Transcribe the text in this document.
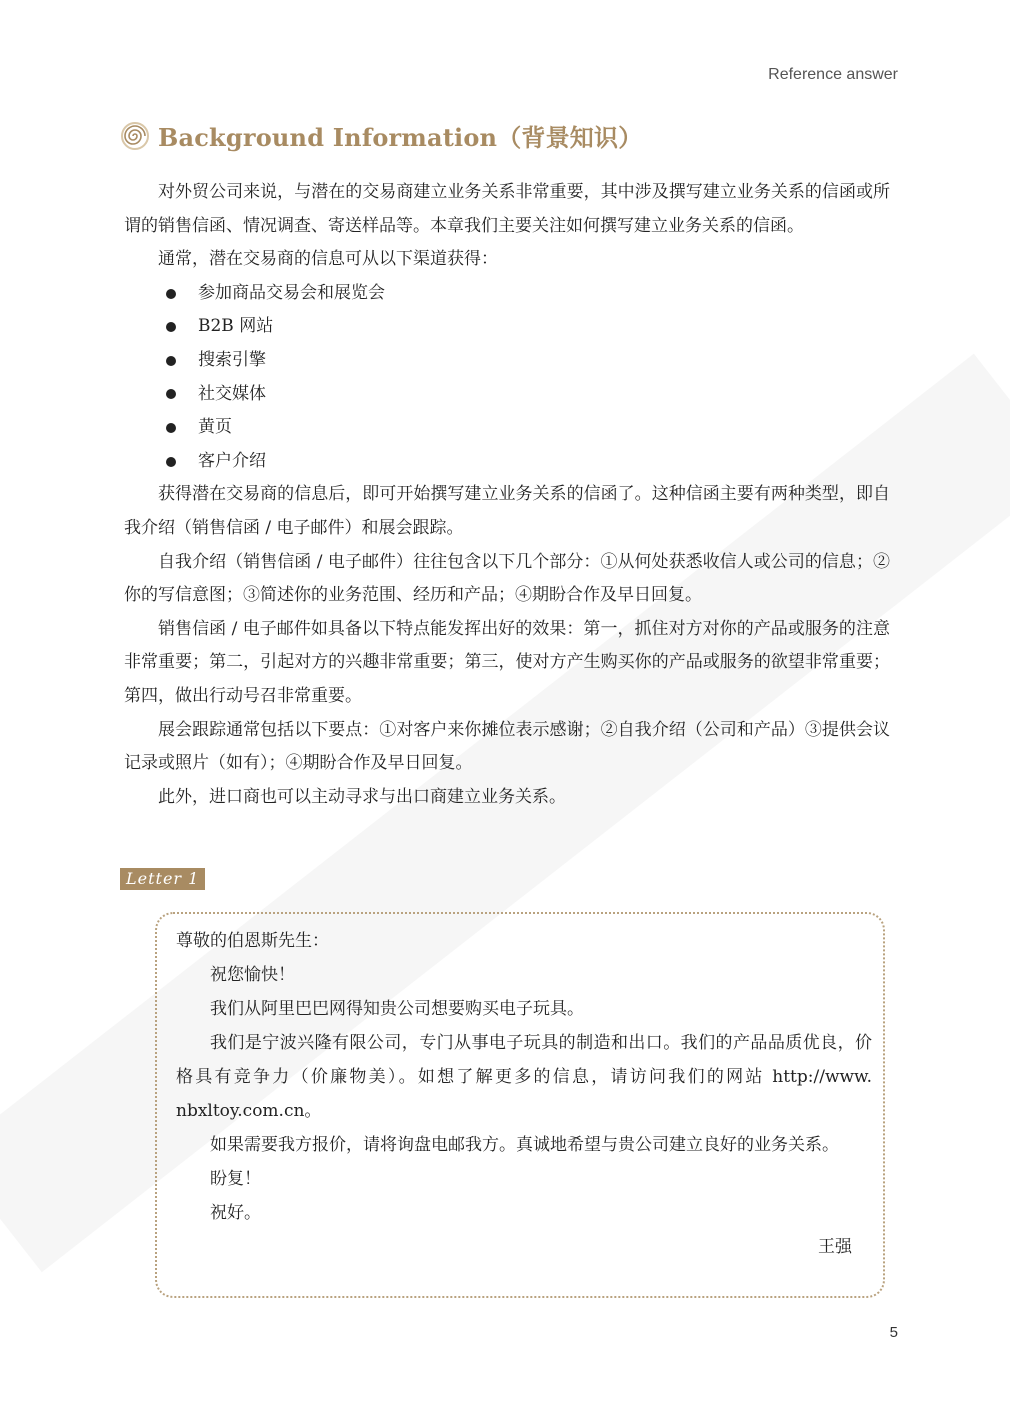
Reference answer
Background Information（背景知识）

对外贸公司来说，与潜在的交易商建立业务关系非常重要，其中涉及撰写建立业务关系的信函或所谓的销售信函、情况调查、寄送样品等。本章我们主要关注如何撰写建立业务关系的信函。

通常，潜在交易商的信息可从以下渠道获得：

参加商品交易会和展览会
B2B 网站
搜索引擎
社交媒体
黄页
客户介绍

获得潜在交易商的信息后，即可开始撰写建立业务关系的信函了。这种信函主要有两种类型，即自我介绍（销售信函 / 电子邮件）和展会跟踪。

自我介绍（销售信函 / 电子邮件）往往包含以下几个部分：①从何处获悉收信人或公司的信息；②你的写信意图；③简述你的业务范围、经历和产品；④期盼合作及早日回复。

销售信函 / 电子邮件如具备以下特点能发挥出好的效果：第一，抓住对方对你的产品或服务的注意非常重要；第二，引起对方的兴趣非常重要；第三，使对方产生购买你的产品或服务的欲望非常重要；第四，做出行动号召非常重要。

展会跟踪通常包括以下要点：①对客户来你摊位表示感谢；②自我介绍（公司和产品）③提供会议记录或照片（如有）；④期盼合作及早日回复。

此外，进口商也可以主动寻求与出口商建立业务关系。

Letter 1

尊敬的伯恩斯先生：

祝您愉快！

我们从阿里巴巴网得知贵公司想要购买电子玩具。

我们是宁波兴隆有限公司，专门从事电子玩具的制造和出口。我们的产品品质优良，价格具有竞争力（价廉物美）。如想了解更多的信息，请访问我们的网站 http://www. nbxltoy.com.cn。

如果需要我方报价，请将询盘电邮我方。真诚地希望与贵公司建立良好的业务关系。

盼复！

祝好。

王强

5
